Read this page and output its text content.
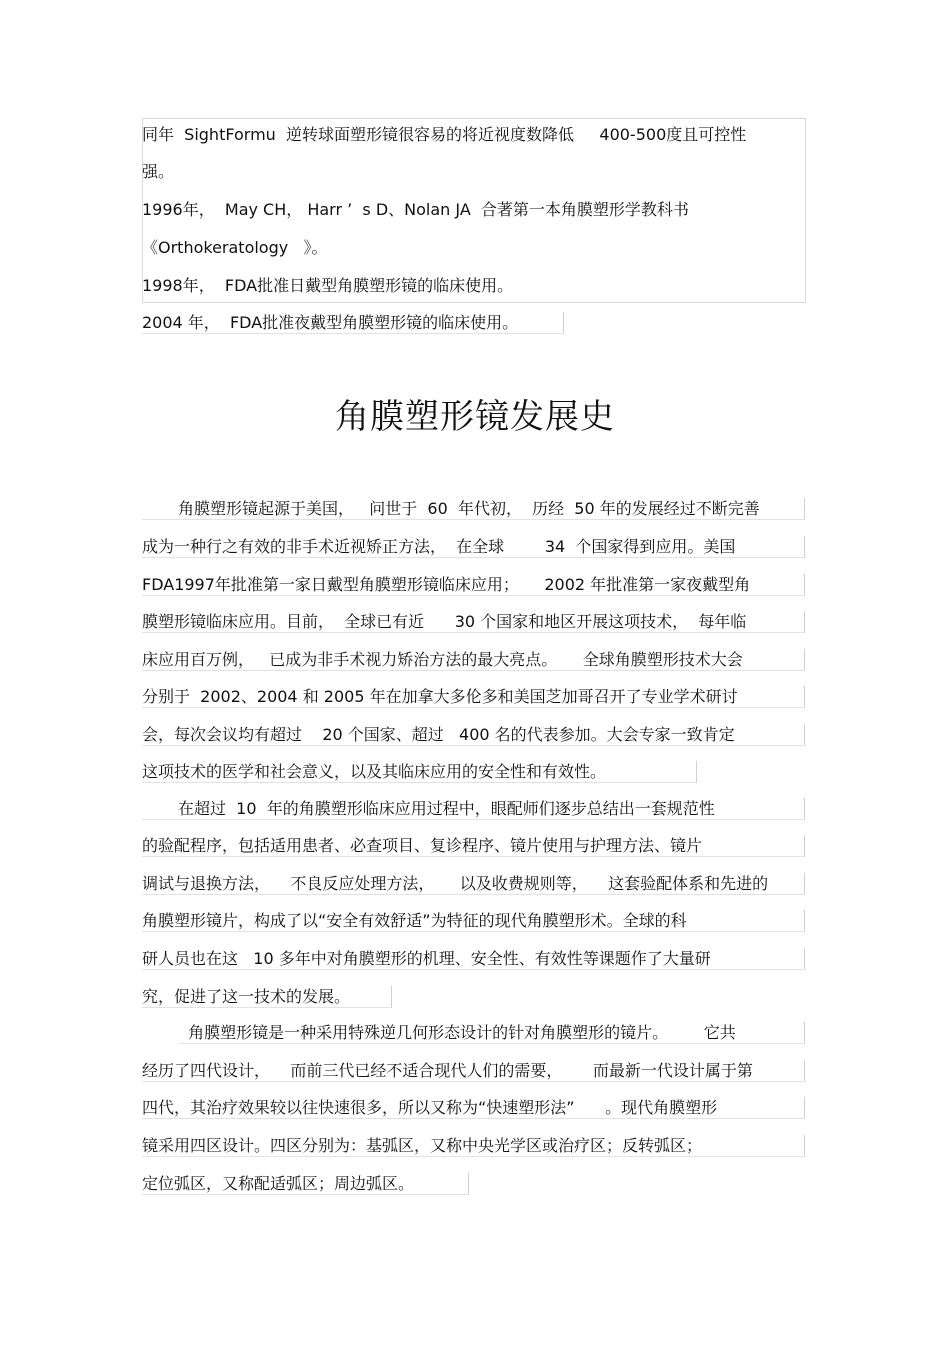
同年  SightFormu  逆转球面塑形镜很容易的将近视度数降低     400-500度且可控性
强。
1996年，  May CH， Harr ’  s D、Nolan JA  合著第一本角膜塑形学教科书
《Orthokeratology   》。
1998年，  FDA批准日戴型角膜塑形镜的临床使用。
2004 年，  FDA批准夜戴型角膜塑形镜的临床使用。
角膜塑形镜发展史
角膜塑形镜起源于美国，   问世于  60  年代初，  历经  50 年的发展经过不断完善
成为一种行之有效的非手术近视矫正方法，  在全球        34  个国家得到应用。美国
FDA1997年批准第一家日戴型角膜塑形镜临床应用；     2002 年批准第一家夜戴型角
膜塑形镜临床应用。目前，  全球已有近      30 个国家和地区开展这项技术，  每年临
床应用百万例，   已成为非手术视力矫治方法的最大亮点。     全球角膜塑形技术大会
分别于  2002、2004 和 2005 年在加拿大多伦多和美国芝加哥召开了专业学术研讨
会，每次会议均有超过    20 个国家、超过   400 名的代表参加。大会专家一致肯定
这项技术的医学和社会意义，以及其临床应用的安全性和有效性。
在超过  10  年的角膜塑形临床应用过程中，眼配师们逐步总结出一套规范性
的验配程序，包括适用患者、必查项目、复诊程序、镜片使用与护理方法、镜片
调试与退换方法，    不良反应处理方法，     以及收费规则等，    这套验配体系和先进的
角膜塑形镜片，构成了以“安全有效舒适”为特征的现代角膜塑形术。全球的科
研人员也在这   10 多年中对角膜塑形的机理、安全性、有效性等课题作了大量研
究，促进了这一技术的发展。
角膜塑形镜是一种采用特殊逆几何形态设计的针对角膜塑形的镜片。       它共
经历了四代设计，    而前三代已经不适合现代人们的需要，      而最新一代设计属于第
四代，其治疗效果较以往快速很多，所以又称为“快速塑形法”      。现代角膜塑形
镜采用四区设计。四区分别为：基弧区，又称中央光学区或治疗区；反转弧区；
定位弧区，又称配适弧区；周边弧区。
